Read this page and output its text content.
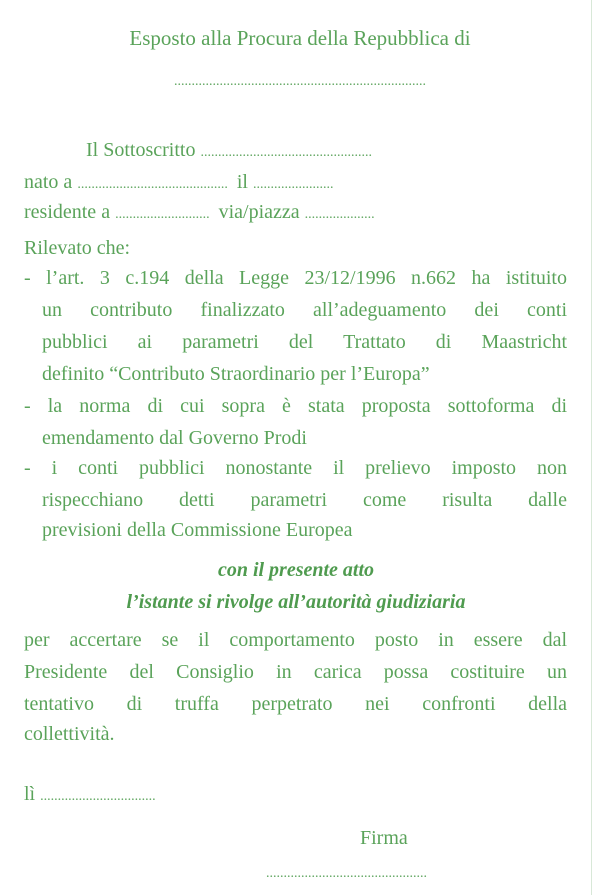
Esposto alla Procura della Repubblica di
........................................................................
Il Sottoscritto .................................................
nato a ........................................... il .......................
residente a ........................... via/piazza ....................
Rilevato che:
- l’art. 3 c.194 della Legge 23/12/1996 n.662 ha istituito
un contributo finalizzato all’adeguamento dei conti
pubblici ai parametri del Trattato di Maastricht
definito “Contributo Straordinario per l’Europa”
- la norma di cui sopra è stata proposta sottoforma di
emendamento dal Governo Prodi
- i conti pubblici nonostante il prelievo imposto non
rispecchiano detti parametri come risulta dalle
previsioni della Commissione Europea
con il presente atto
l’istante si rivolge all’autorità giudiziaria
per accertare se il comportamento posto in essere dal
Presidente del Consiglio in carica possa costituire un
tentativo di truffa perpetrato nei confronti della
collettività.
lì .................................
Firma
..............................................
